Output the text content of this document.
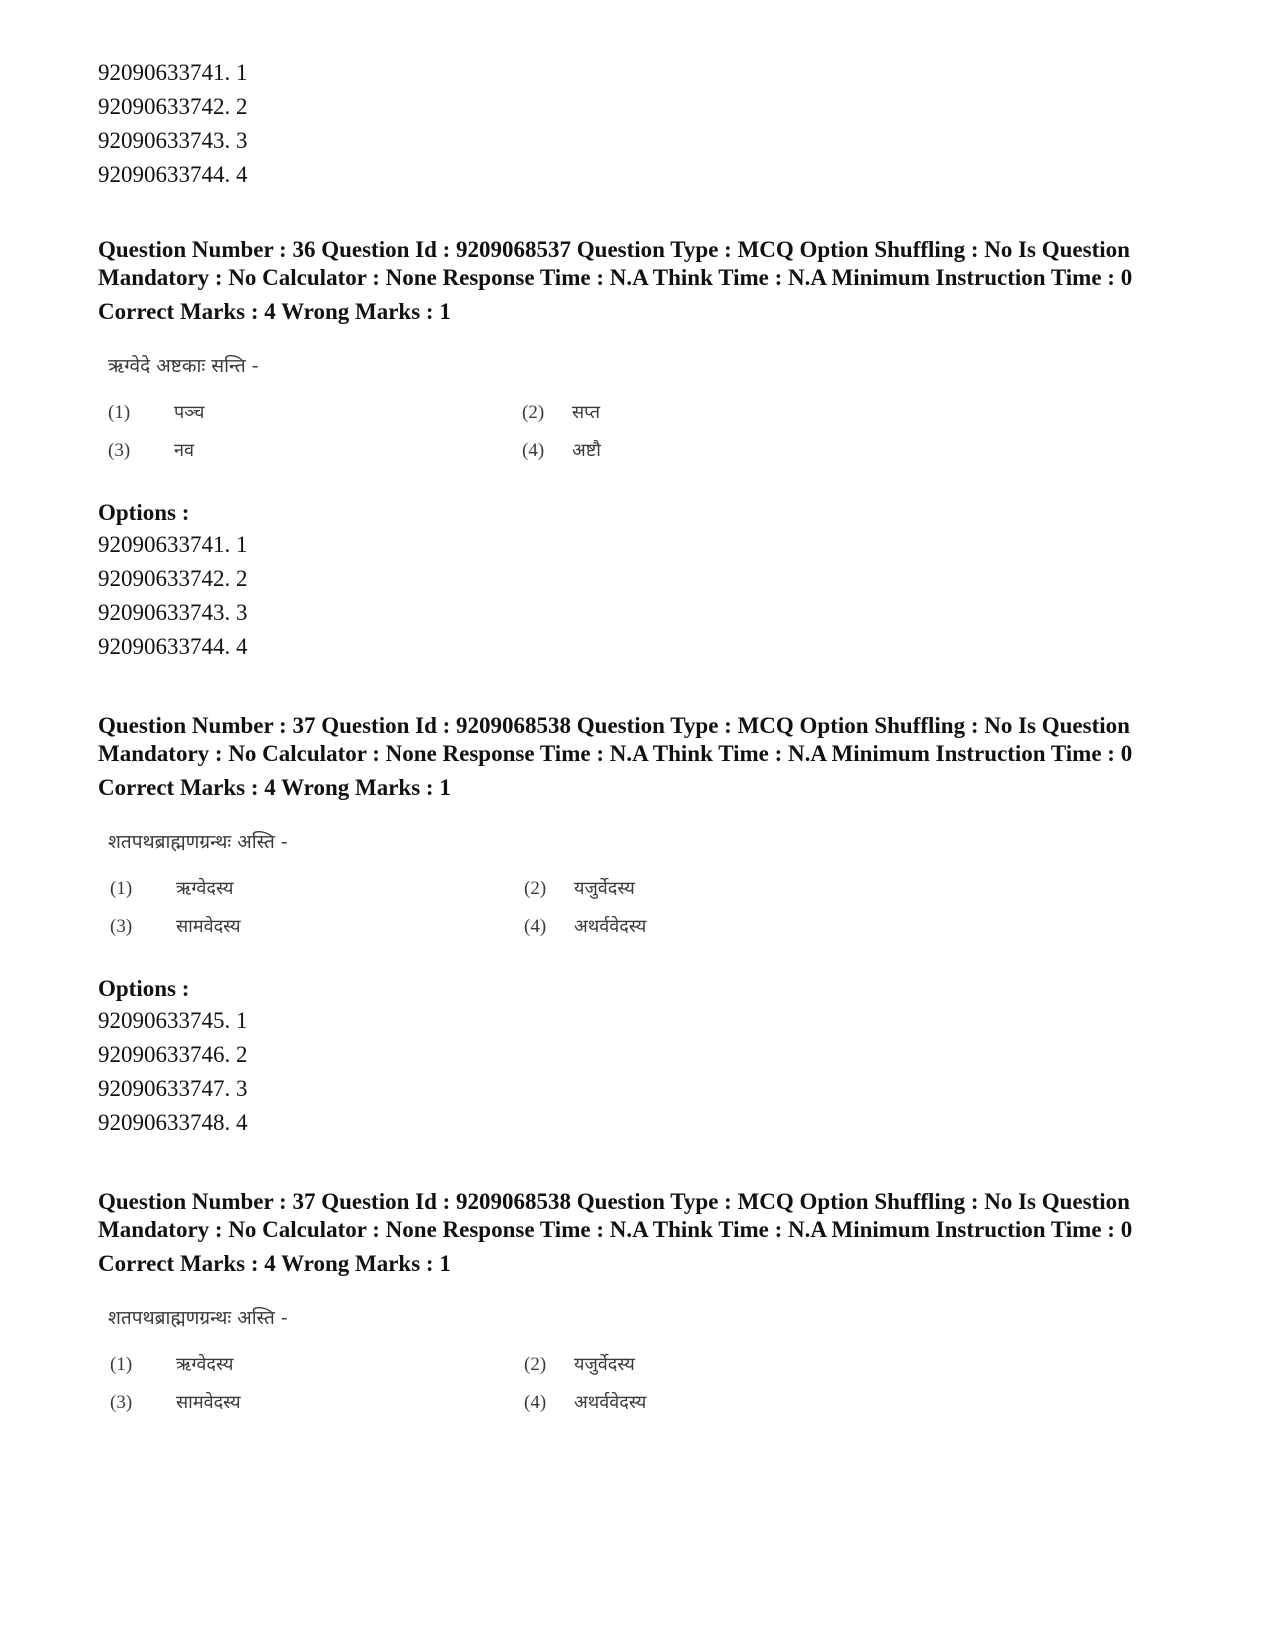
92090633741. 1
92090633742. 2
92090633743. 3
92090633744. 4
Question Number : 36 Question Id : 9209068537 Question Type : MCQ Option Shuffling : No Is Question Mandatory : No Calculator : None Response Time : N.A Think Time : N.A Minimum Instruction Time : 0
Correct Marks : 4 Wrong Marks : 1
ऋग्वेदे अष्टकाः सन्ति -
(1) पञ्च	(2) सप्त
(3) नव	(4) अष्टौ
Options :
92090633741. 1
92090633742. 2
92090633743. 3
92090633744. 4
Question Number : 37 Question Id : 9209068538 Question Type : MCQ Option Shuffling : No Is Question Mandatory : No Calculator : None Response Time : N.A Think Time : N.A Minimum Instruction Time : 0
Correct Marks : 4 Wrong Marks : 1
शतपथब्राह्मणग्रन्थः अस्ति -
(1) ऋग्वेदस्य	(2) यजुर्वेदस्य
(3) सामवेदस्य	(4) अथर्ववेदस्य
Options :
92090633745. 1
92090633746. 2
92090633747. 3
92090633748. 4
Question Number : 37 Question Id : 9209068538 Question Type : MCQ Option Shuffling : No Is Question Mandatory : No Calculator : None Response Time : N.A Think Time : N.A Minimum Instruction Time : 0
Correct Marks : 4 Wrong Marks : 1
शतपथब्राह्मणग्रन्थः अस्ति -
(1) ऋग्वेदस्य	(2) यजुर्वेदस्य
(3) सामवेदस्य	(4) अथर्ववेदस्य
